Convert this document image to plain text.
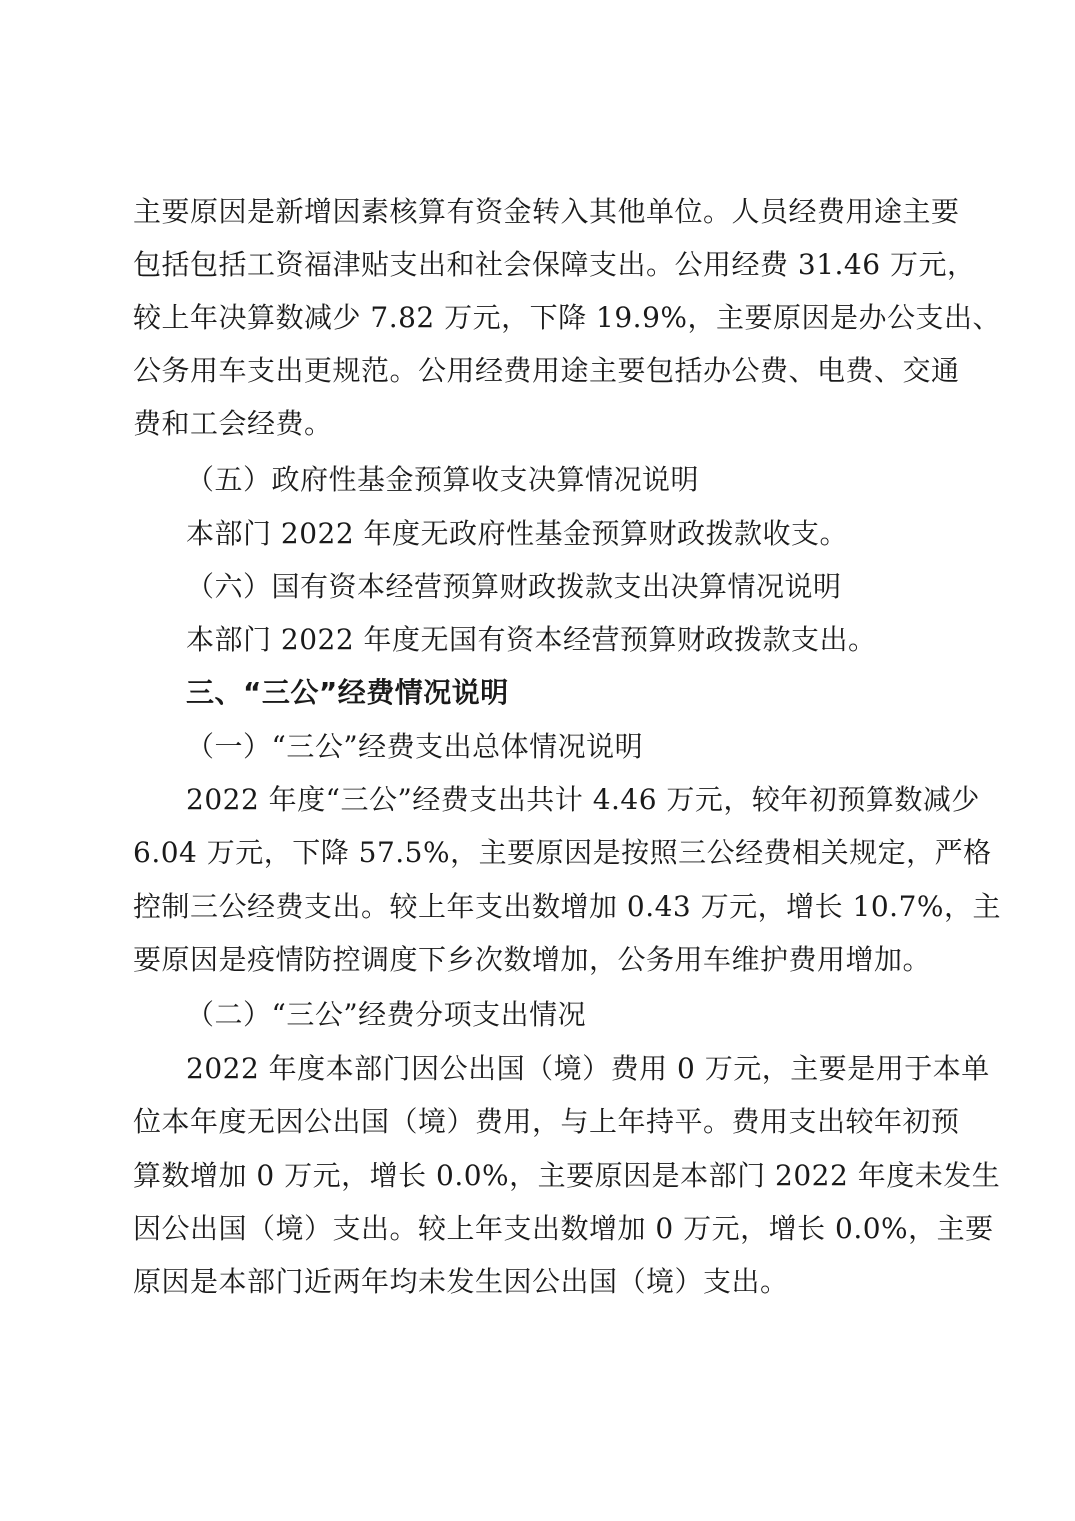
主要原因是新增因素核算有资金转入其他单位。人员经费用途主要
包括包括工资福津贴支出和社会保障支出。公用经费 31.46 万元，
较上年决算数减少 7.82 万元，下降 19.9%，主要原因是办公支出、
公务用车支出更规范。公用经费用途主要包括办公费、电费、交通
费和工会经费。
（五）政府性基金预算收支决算情况说明
本部门 2022 年度无政府性基金预算财政拨款收支。
（六）国有资本经营预算财政拨款支出决算情况说明
本部门 2022 年度无国有资本经营预算财政拨款支出。
三、“三公”经费情况说明
（一）“三公”经费支出总体情况说明
2022 年度“三公”经费支出共计 4.46 万元，较年初预算数减少
6.04 万元，下降 57.5%，主要原因是按照三公经费相关规定，严格
控制三公经费支出。较上年支出数增加 0.43 万元，增长 10.7%，主
要原因是疫情防控调度下乡次数增加，公务用车维护费用增加。
（二）“三公”经费分项支出情况
2022 年度本部门因公出国（境）费用 0 万元，主要是用于本单
位本年度无因公出国（境）费用，与上年持平。费用支出较年初预
算数增加 0 万元，增长 0.0%，主要原因是本部门 2022 年度未发生
因公出国（境）支出。较上年支出数增加 0 万元，增长 0.0%，主要
原因是本部门近两年均未发生因公出国（境）支出。
